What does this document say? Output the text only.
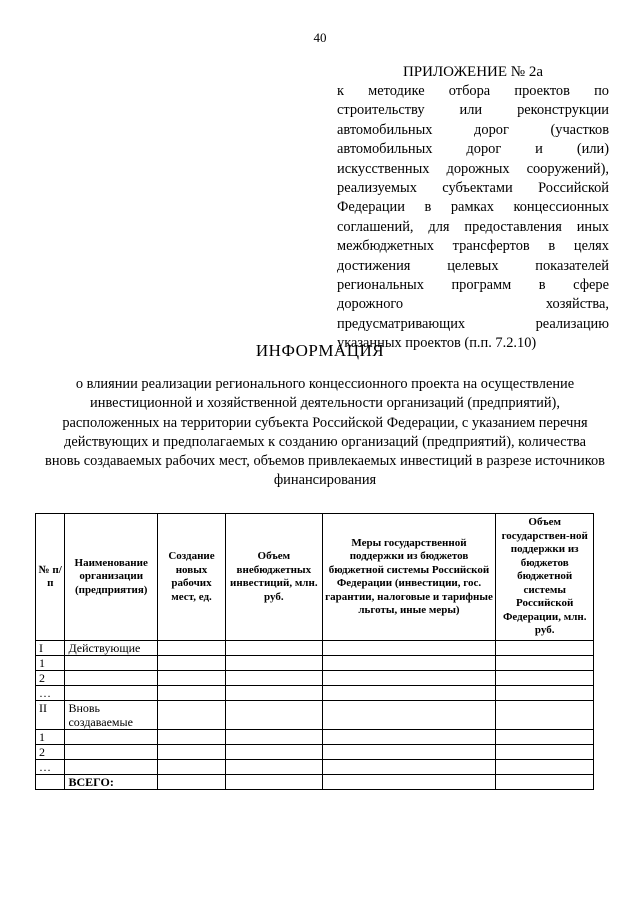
40
ПРИЛОЖЕНИЕ № 2а
к методике отбора проектов по
строительству или реконструкции
автомобильных дорог (участков
автомобильных дорог и (или)
искусственных дорожных сооружений),
реализуемых субъектами Российской
Федерации в рамках концессионных
соглашений, для предоставления иных
межбюджетных трансфертов в целях
достижения целевых показателей
региональных программ в сфере
дорожного хозяйства,
предусматривающих реализацию
указанных проектов (п.п. 7.2.10)
ИНФОРМАЦИЯ
о влиянии реализации регионального концессионного проекта на осуществление инвестиционной и хозяйственной деятельности организаций (предприятий), расположенных на территории субъекта Российской Федерации, с указанием перечня действующих и предполагаемых к созданию организаций (предприятий), количества вновь создаваемых рабочих мест, объемов привлекаемых инвестиций в разрезе источников финансирования
№ п/ п	Наименование организации (предприятия)	Создание новых рабочих мест, ед.	Объем внебюджетных инвестиций, млн. руб.	Меры государственной поддержки из бюджетов бюджетной системы Российской Федерации (инвестиции, гос. гарантии, налоговые и тарифные льготы, иные меры)	Объем государствен-ной поддержки из бюджетов бюджетной системы Российской Федерации, млн. руб.
I	Действующие				
1					
2					
…					
II	Вновь создаваемые				
1					
2					
…					
	ВСЕГО:				
